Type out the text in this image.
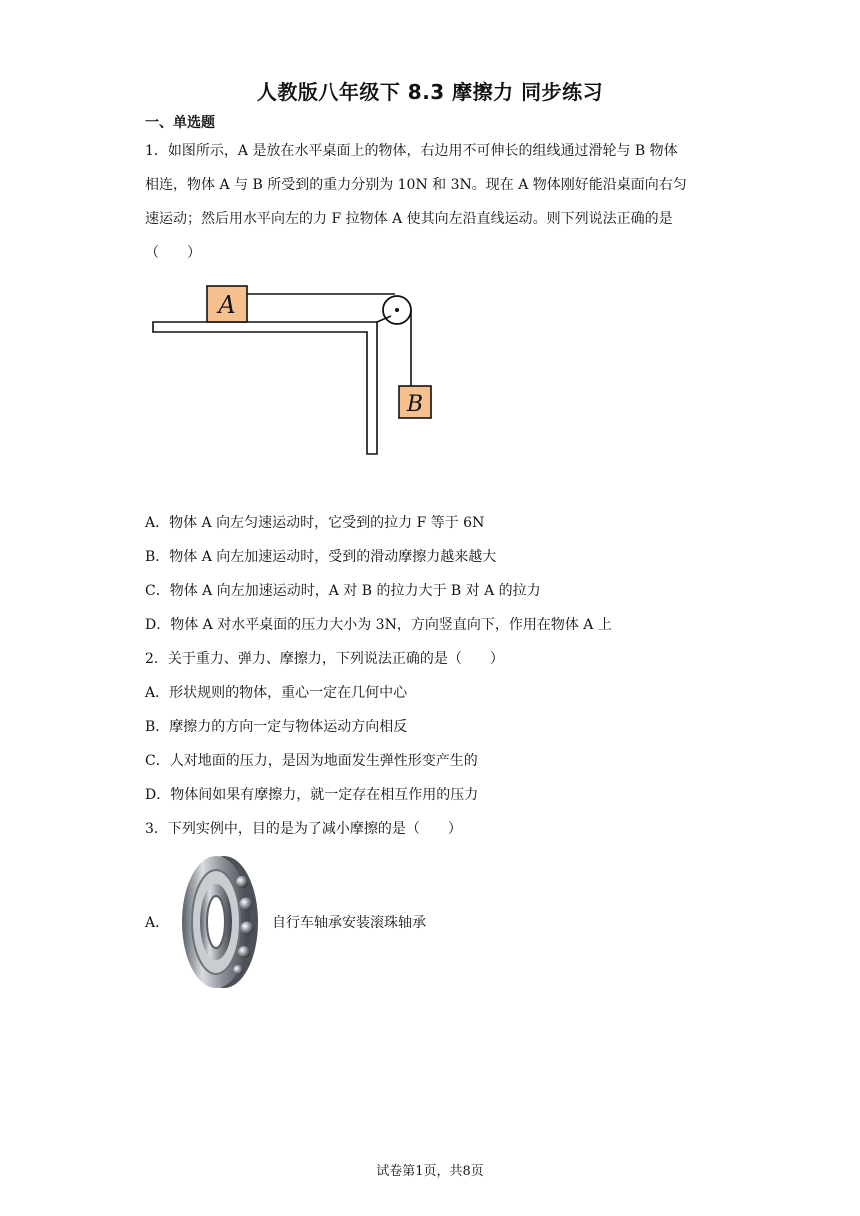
人教版八年级下 8.3 摩擦力 同步练习
一、单选题
1．如图所示，A 是放在水平桌面上的物体，右边用不可伸长的组线通过滑轮与 B 物体
相连，物体 A 与 B 所受到的重力分别为 10N 和 3N。现在 A 物体刚好能沿桌面向右匀
速运动；然后用水平向左的力 F 拉物体 A 使其向左沿直线运动。则下列说法正确的是
（　　）
A
B
A．物体 A 向左匀速运动时，它受到的拉力 F 等于 6N
B．物体 A 向左加速运动时，受到的滑动摩擦力越来越大
C．物体 A 向左加速运动时，A 对 B 的拉力大于 B 对 A 的拉力
D．物体 A 对水平桌面的压力大小为 3N，方向竖直向下，作用在物体 A 上
2．关于重力、弹力、摩擦力，下列说法正确的是（　　）
A．形状规则的物体，重心一定在几何中心
B．摩擦力的方向一定与物体运动方向相反
C．人对地面的压力，是因为地面发生弹性形变产生的
D．物体间如果有摩擦力，就一定存在相互作用的压力
3．下列实例中，目的是为了减小摩擦的是（　　）
A．	自行车轴承安装滚珠轴承
试卷第1页，共8页
